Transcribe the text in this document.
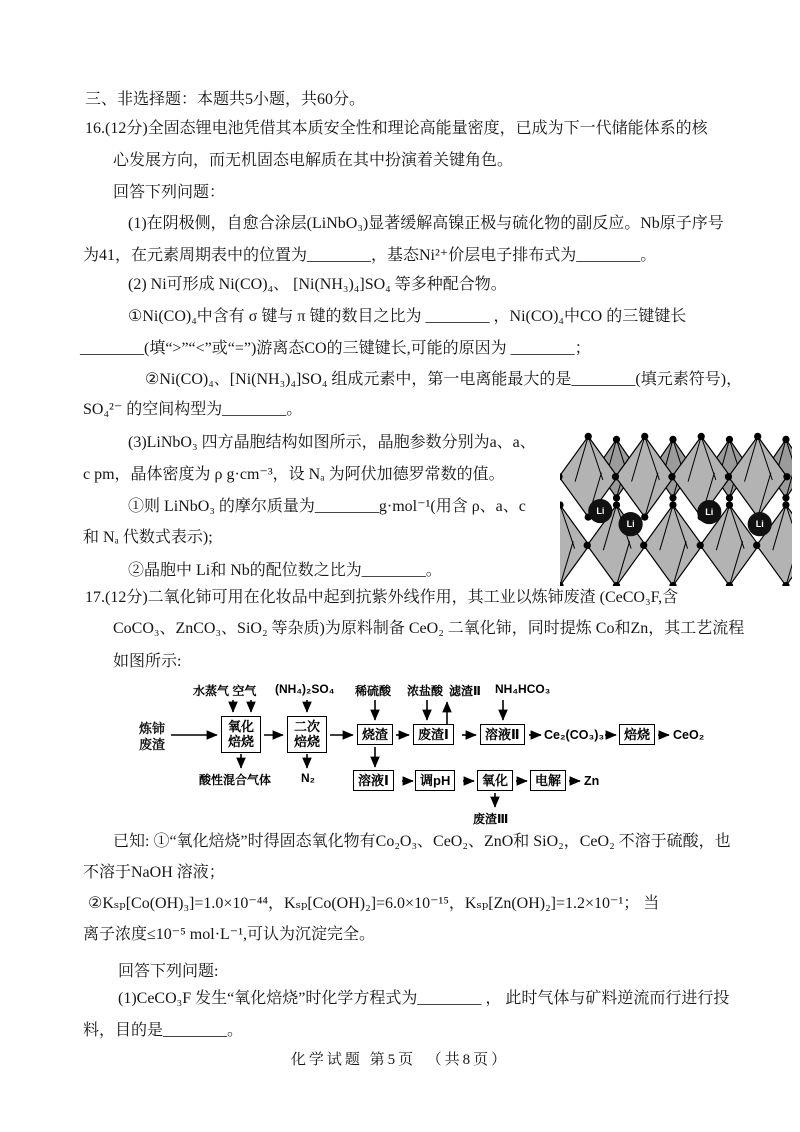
三、非选择题：本题共5小题，共60分。
16.(12分)全固态锂电池凭借其本质安全性和理论高能量密度，已成为下一代储能体系的核
心发展方向，而无机固态电解质在其中扮演着关键角色。
回答下列问题：
(1)在阴极侧，自愈合涂层(LiNbO₃)显著缓解高镍正极与硫化物的副反应。Nb原子序号
为41，在元素周期表中的位置为________，基态Ni²⁺价层电子排布式为________。
(2) Ni可形成 Ni(CO)₄、 [Ni(NH₃)₄]SO₄ 等多种配合物。
①Ni(CO)₄中含有 σ 键与 π 键的数目之比为 ________ ，Ni(CO)₄中CO 的三键键长
________(填“>”“<”或“=”)游离态CO的三键键长,可能的原因为 ________；
②Ni(CO)₄、[Ni(NH₃)₄]SO₄ 组成元素中，第一电离能最大的是________(填元素符号)，
SO₄²⁻ 的空间构型为________。
(3)LiNbO₃ 四方晶胞结构如图所示，晶胞参数分别为a、a、
c pm，晶体密度为 ρ g·cm⁻³，设 Nₐ 为阿伏加德罗常数的值。
①则 LiNbO₃ 的摩尔质量为________g·mol⁻¹(用含 ρ、a、c
和 Nₐ 代数式表示);
②晶胞中 Li和 Nb的配位数之比为________。
Li
Li
Li
Li
17.(12分)二氧化铈可用在化妆品中起到抗紫外线作用，其工业以炼铈废渣 (CeCO₃F,含
CoCO₃、ZnCO₃、SiO₂ 等杂质)为原料制备 CeO₂ 二氧化铈，同时提炼 Co和Zn，其工艺流程
如图所示:
水蒸气 空气 (NH₄)₂SO₄ 稀硫酸 浓盐酸 滤渣Ⅱ NH₄HCO₃
炼铈废渣
氧化焙烧
二次焙烧	烧渣	废渣Ⅰ	溶液Ⅱ	Ce₂(CO₃)₃	焙烧	CeO₂
酸性混合气体 N₂	溶液Ⅰ	调pH	氧化	电解	Zn
废渣Ⅲ
已知: ①“氧化焙烧”时得固态氧化物有Co₂O₃、CeO₂、ZnO和 SiO₂，CeO₂ 不溶于硫酸，也
不溶于NaOH 溶液；
②Kₛₚ[Co(OH)₃]=1.0×10⁻⁴⁴，Kₛₚ[Co(OH)₂]=6.0×10⁻¹⁵，Kₛₚ[Zn(OH)₂]=1.2×10⁻¹； 当
离子浓度≤10⁻⁵ mol·L⁻¹,可认为沉淀完全。
回答下列问题:
(1)CeCO₃F 发生“氧化焙烧”时化学方程式为________ ， 此时气体与矿料逆流而行进行投
料，目的是________。
化学试题 第5页　（共8页）
